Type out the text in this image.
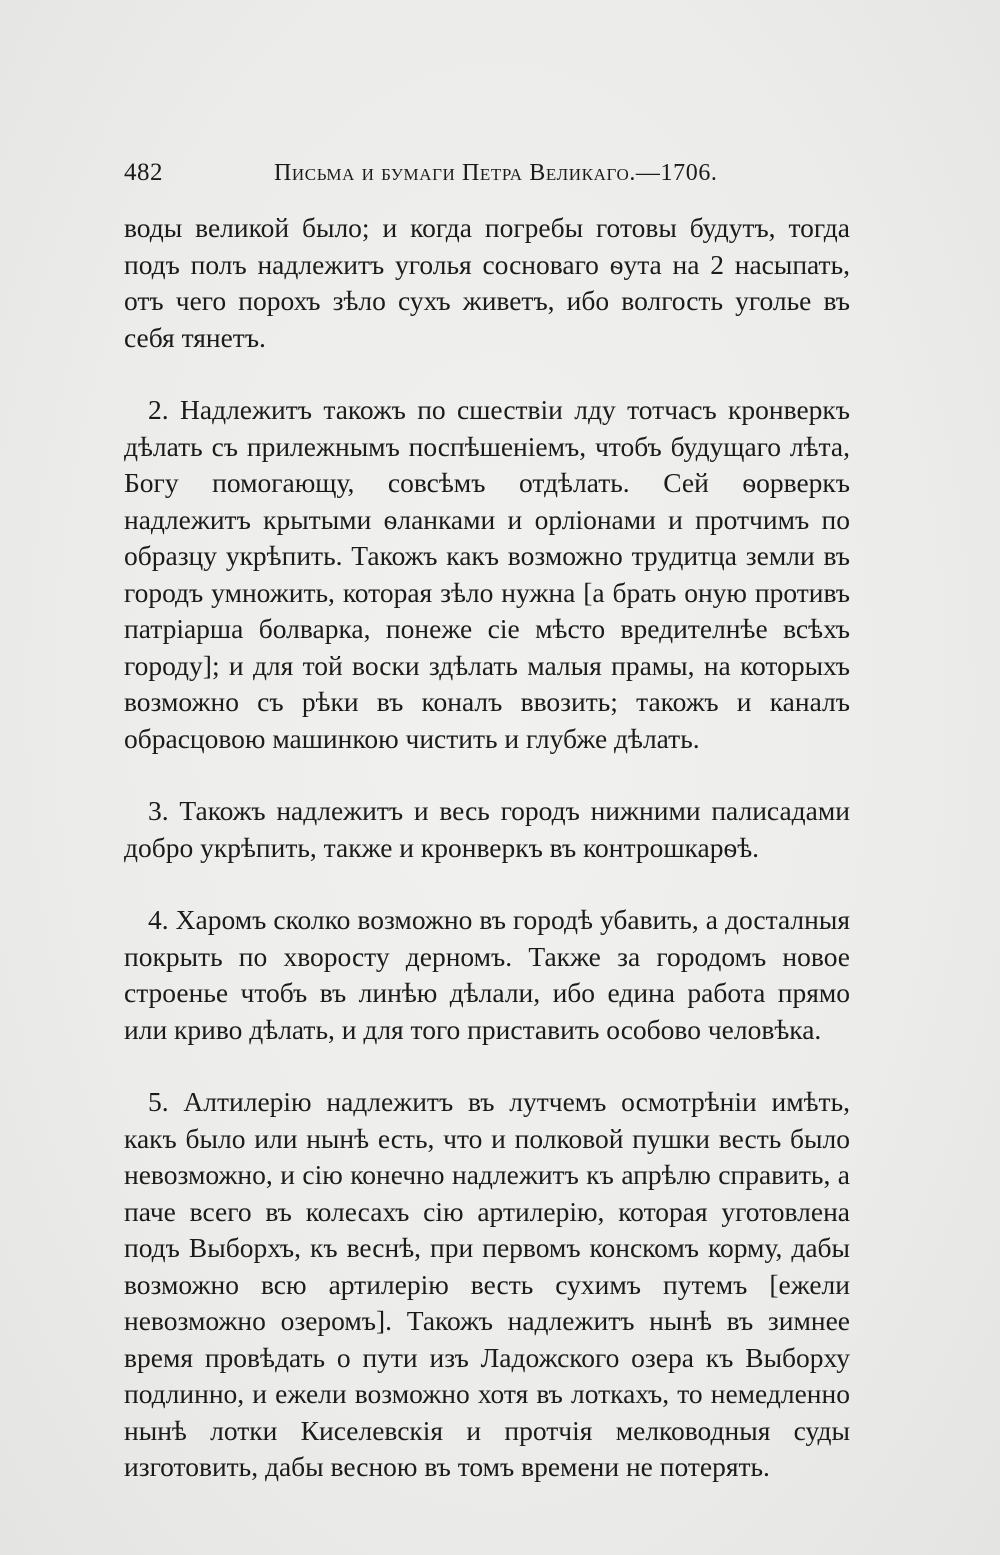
482	Письма и бумаги Петра Великаго.—1706.

воды великой было; и когда погребы готовы будутъ, тогда подъ полъ надлежитъ уголья сосноваго ѳута на 2 насыпать, отъ чего порохъ зѣло сухъ живетъ, ибо волгость уголье въ себя тянетъ.

2. Надлежитъ такожъ по сшествіи лду тотчасъ кронверкъ дѣлать съ прилежнымъ поспѣшеніемъ, чтобъ будущаго лѣта, Богу помогающу, совсѣмъ отдѣлать. Сей ѳорверкъ надлежитъ крытыми ѳланками и орліонами и протчимъ по образцу укрѣпить. Такожъ какъ возможно трудитца земли въ городъ умножить, которая зѣло нужна [а брать оную противъ патріарша болварка, понеже сіе мѣсто вредителнѣе всѣхъ городу]; и для той воски здѣлать малыя прамы, на которыхъ возможно съ рѣки въ коналъ ввозить; такожъ и каналъ обрасцовою машинкою чистить и глубже дѣлать.

3. Такожъ надлежитъ и весь городъ нижними палисадами добро укрѣпить, также и кронверкъ въ контрошкарѳѣ.

4. Харомъ сколко возможно въ городѣ убавить, а досталныя покрыть по хворосту дерномъ. Также за городомъ новое строенье чтобъ въ линѣю дѣлали, ибо едина работа прямо или криво дѣлать, и для того приставить особово человѣка.

5. Алтилерію надлежитъ въ лутчемъ осмотрѣніи имѣть, какъ было или нынѣ есть, что и полковой пушки весть было невозможно, и сію конечно надлежитъ къ апрѣлю справить, а паче всего въ колесахъ сію артилерію, которая уготовлена подъ Выборхъ, къ веснѣ, при первомъ конскомъ корму, дабы возможно всю артилерію весть сухимъ путемъ [ежели невозможно озеромъ]. Такожъ надлежитъ нынѣ въ зимнее время провѣдать о пути изъ Ладожского озера къ Выборху подлинно, и ежели возможно хотя въ лоткахъ, то немедленно нынѣ лотки Киселевскія и протчія мелководныя суды изготовить, дабы весною въ томъ времени не потерять.
